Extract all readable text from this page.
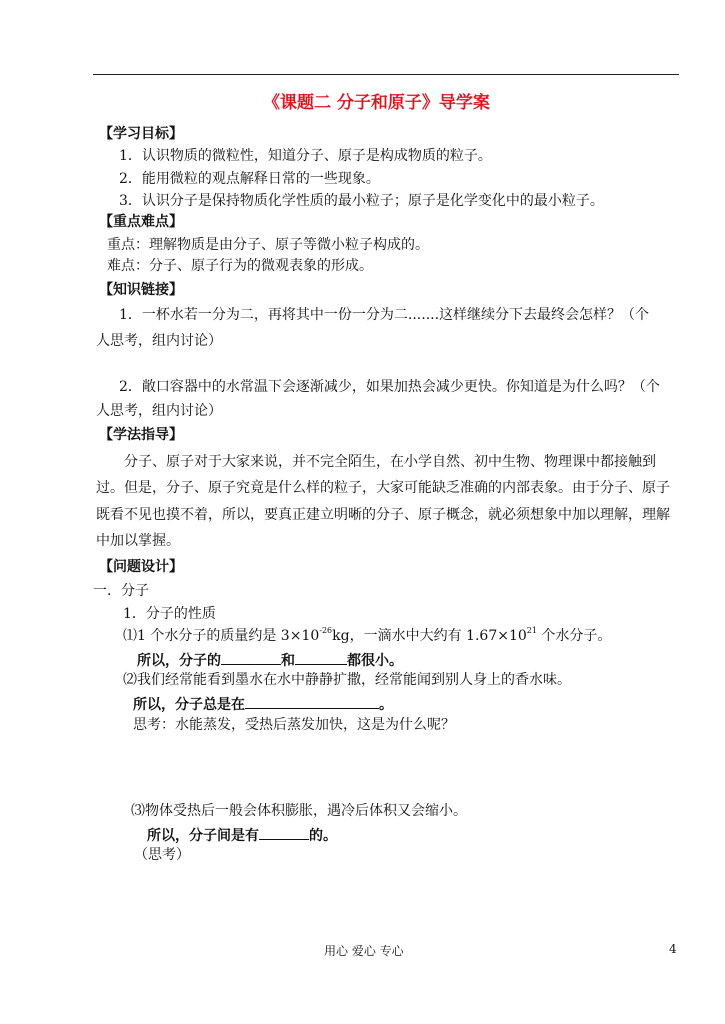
《课题二 分子和原子》导学案
【学习目标】
1．认识物质的微粒性，知道分子、原子是构成物质的粒子。
2．能用微粒的观点解释日常的一些现象。
3．认识分子是保持物质化学性质的最小粒子；原子是化学变化中的最小粒子。
【重点难点】
重点：理解物质是由分子、原子等微小粒子构成的。
难点：分子、原子行为的微观表象的形成。
【知识链接】
1．一杯水若一分为二，再将其中一份一分为二.......这样继续分下去最终会怎样？（个
人思考，组内讨论）
2．敞口容器中的水常温下会逐渐减少，如果加热会减少更快。你知道是为什么吗？（个
人思考，组内讨论）
【学法指导】
分子、原子对于大家来说，并不完全陌生，在小学自然、初中生物、物理课中都接触到
过。但是，分子、原子究竟是什么样的粒子，大家可能缺乏准确的内部表象。由于分子、原子
既看不见也摸不着，所以，要真正建立明晰的分子、原子概念，就必须想象中加以理解，理解
中加以掌握。
【问题设计】
一．分子
1．分子的性质
⑴1 个水分子的质量约是 $3\times 10^{-26}kg$，一滴水中大约有 $1.67\times 10^{21}$ 个水分子。
所以，分子的	和	都很小。
⑵我们经常能看到墨水在水中静静扩撒，经常能闻到别人身上的香水味。
所以，分子总是在	。
思考：水能蒸发，受热后蒸发加快，这是为什么呢？
⑶物体受热后一般会体积膨胀，遇冷后体积又会缩小。
所以，分子间是有	的。
（思考）
用心 爱心 专心	4
